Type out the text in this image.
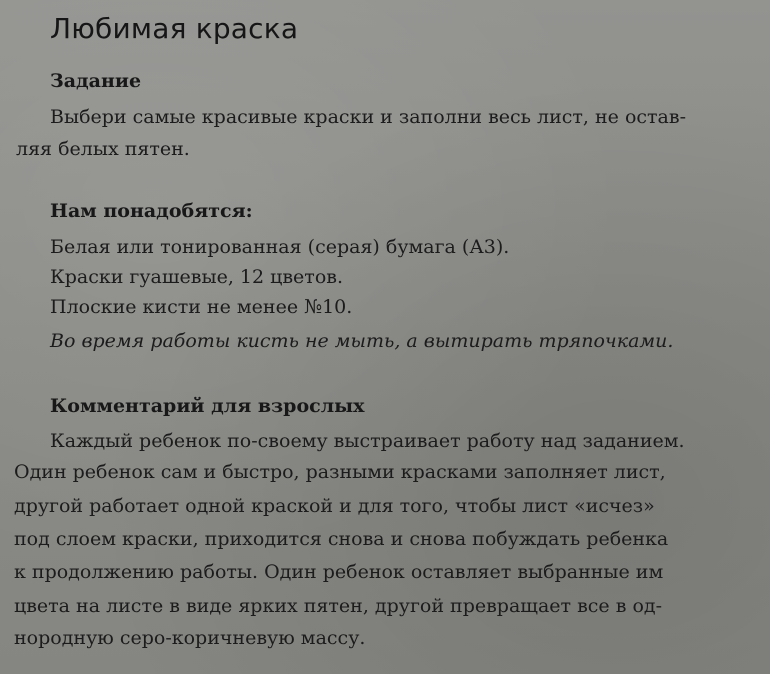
Любимая краска
Задание
Выбери самые красивые краски и заполни весь лист, не остав-
ляя белых пятен.
Нам понадобятся:
Белая или тонированная (серая) бумага (А3).
Краски гуашевые, 12 цветов.
Плоские кисти не менее №10.
Во время работы кисть не мыть, а вытирать тряпочками.
Комментарий для взрослых
Каждый ребенок по-своему выстраивает работу над заданием.
Один ребенок сам и быстро, разными красками заполняет лист,
другой работает одной краской и для того, чтобы лист «исчез»
под слоем краски, приходится снова и снова побуждать ребенка
к продолжению работы. Один ребенок оставляет выбранные им
цвета на листе в виде ярких пятен, другой превращает все в од-
нородную серо-коричневую массу.
